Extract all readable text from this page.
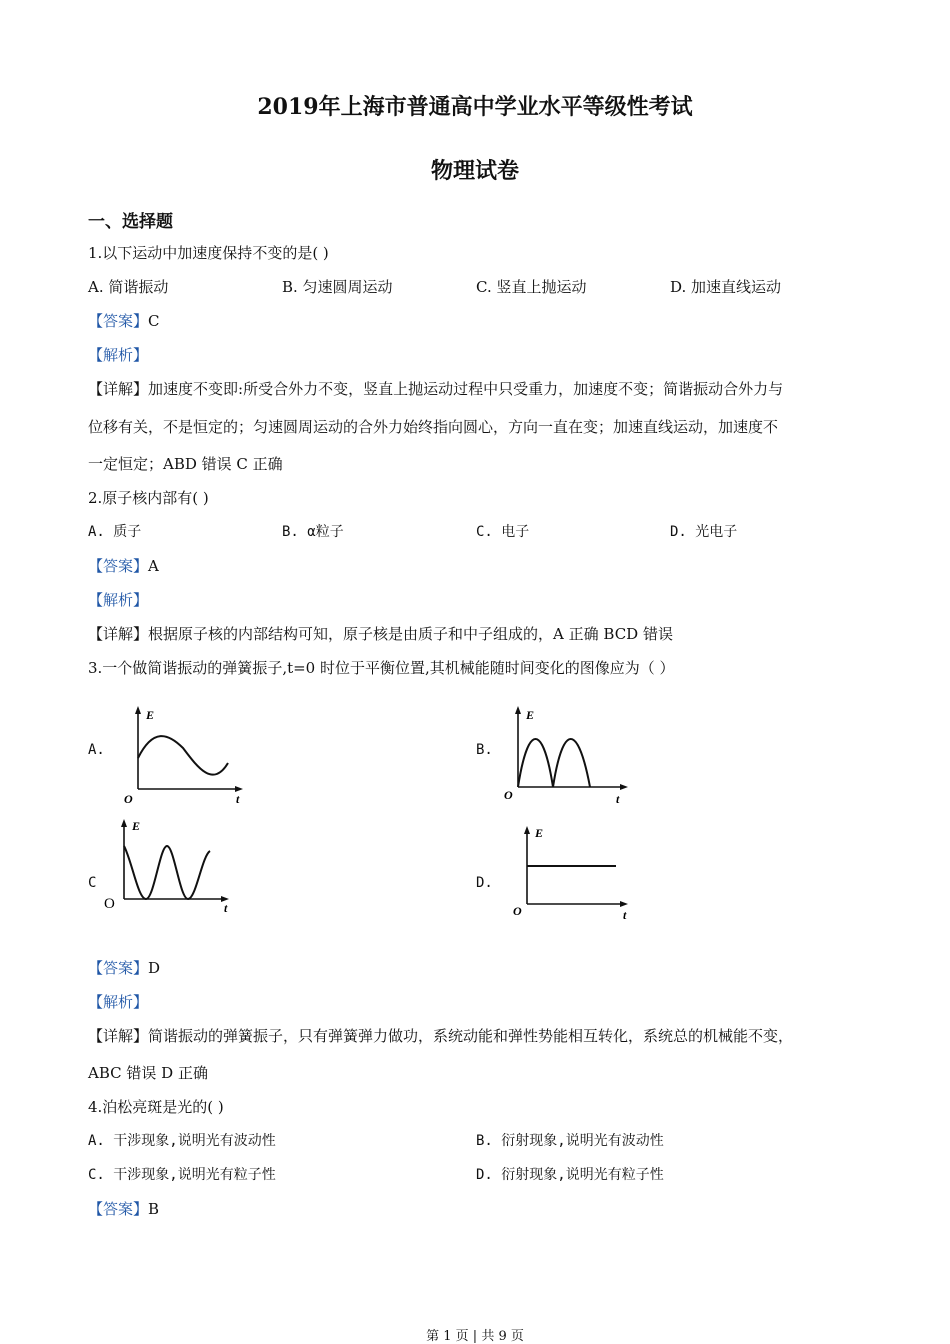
2019年上海市普通高中学业水平等级性考试
物理试卷
一、选择题
1.以下运动中加速度保持不变的是( )
A. 简谐振动	B. 匀速圆周运动	C. 竖直上抛运动	D. 加速直线运动
【答案】C
【解析】
【详解】加速度不变即:所受合外力不变，竖直上抛运动过程中只受重力，加速度不变；简谐振动合外力与
位移有关，不是恒定的；匀速圆周运动的合外力始终指向圆心，方向一直在变；加速直线运动，加速度不
一定恒定；ABD 错误 C 正确
2.原子核内部有( )
A. 质子	B. α粒子	C. 电子	D. 光电子
【答案】A
【解析】
【详解】根据原子核的内部结构可知，原子核是由质子和中子组成的，A 正确 BCD 错误
3.一个做简谐振动的弹簧振子,t=0 时位于平衡位置,其机械能随时间变化的图像应为（ ）
A.
E
t
O
B.
E
t
O
C
E
t
O
D.
E
t
O
【答案】D
【解析】
【详解】简谐振动的弹簧振子，只有弹簧弹力做功，系统动能和弹性势能相互转化，系统总的机械能不变，
ABC 错误 D 正确
4.泊松亮斑是光的( )
A. 干涉现象,说明光有波动性	B. 衍射现象,说明光有波动性
C. 干涉现象,说明光有粒子性	D. 衍射现象,说明光有粒子性
【答案】B
第 1 页 | 共 9 页
